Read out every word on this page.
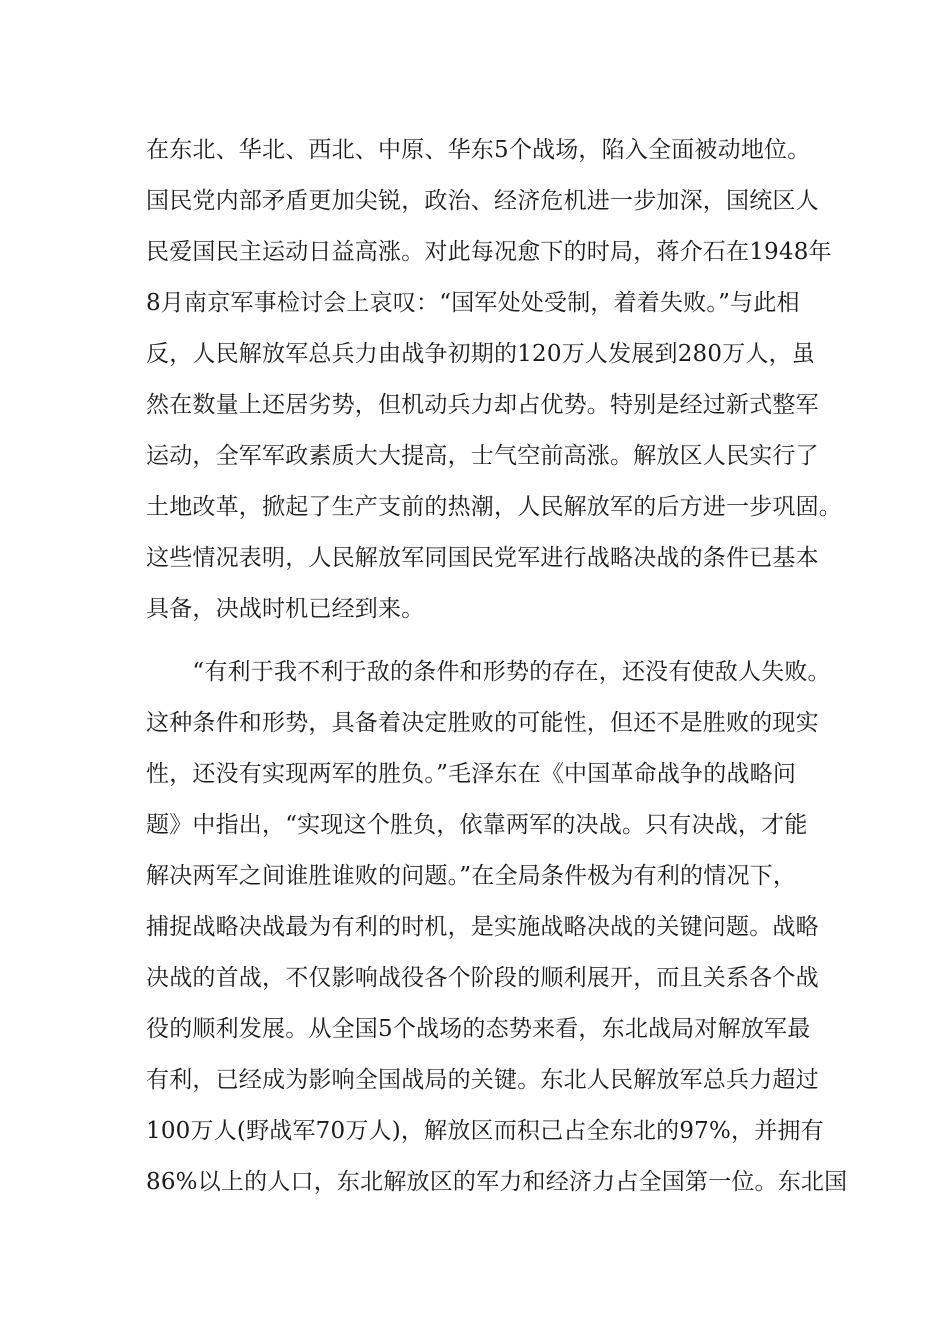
在东北、华北、西北、中原、华东5个战场，陷入全面被动地位。
国民党内部矛盾更加尖锐，政治、经济危机进一步加深，国统区人
民爱国民主运动日益高涨。对此每况愈下的时局，蒋介石在1948年
8月南京军事检讨会上哀叹：“国军处处受制，着着失败。”与此相
反，人民解放军总兵力由战争初期的120万人发展到280万人，虽
然在数量上还居劣势，但机动兵力却占优势。特别是经过新式整军
运动，全军军政素质大大提高，士气空前高涨。解放区人民实行了
土地改革，掀起了生产支前的热潮，人民解放军的后方进一步巩固。
这些情况表明，人民解放军同国民党军进行战略决战的条件已基本
具备，决战时机已经到来。
　　“有利于我不利于敌的条件和形势的存在，还没有使敌人失败。
这种条件和形势，具备着决定胜败的可能性，但还不是胜败的现实
性，还没有实现两军的胜负。”毛泽东在《中国革命战争的战略问
题》中指出，“实现这个胜负，依靠两军的决战。只有决战，才能
解决两军之间谁胜谁败的问题。”在全局条件极为有利的情况下，
捕捉战略决战最为有利的时机，是实施战略决战的关键问题。战略
决战的首战，不仅影响战役各个阶段的顺利展开，而且关系各个战
役的顺利发展。从全国5个战场的态势来看，东北战局对解放军最
有利，已经成为影响全国战局的关键。东北人民解放军总兵力超过
100万人(野战军70万人)，解放区而积己占全东北的97%，并拥有
86%以上的人口，东北解放区的军力和经济力占全国第一位。东北国
